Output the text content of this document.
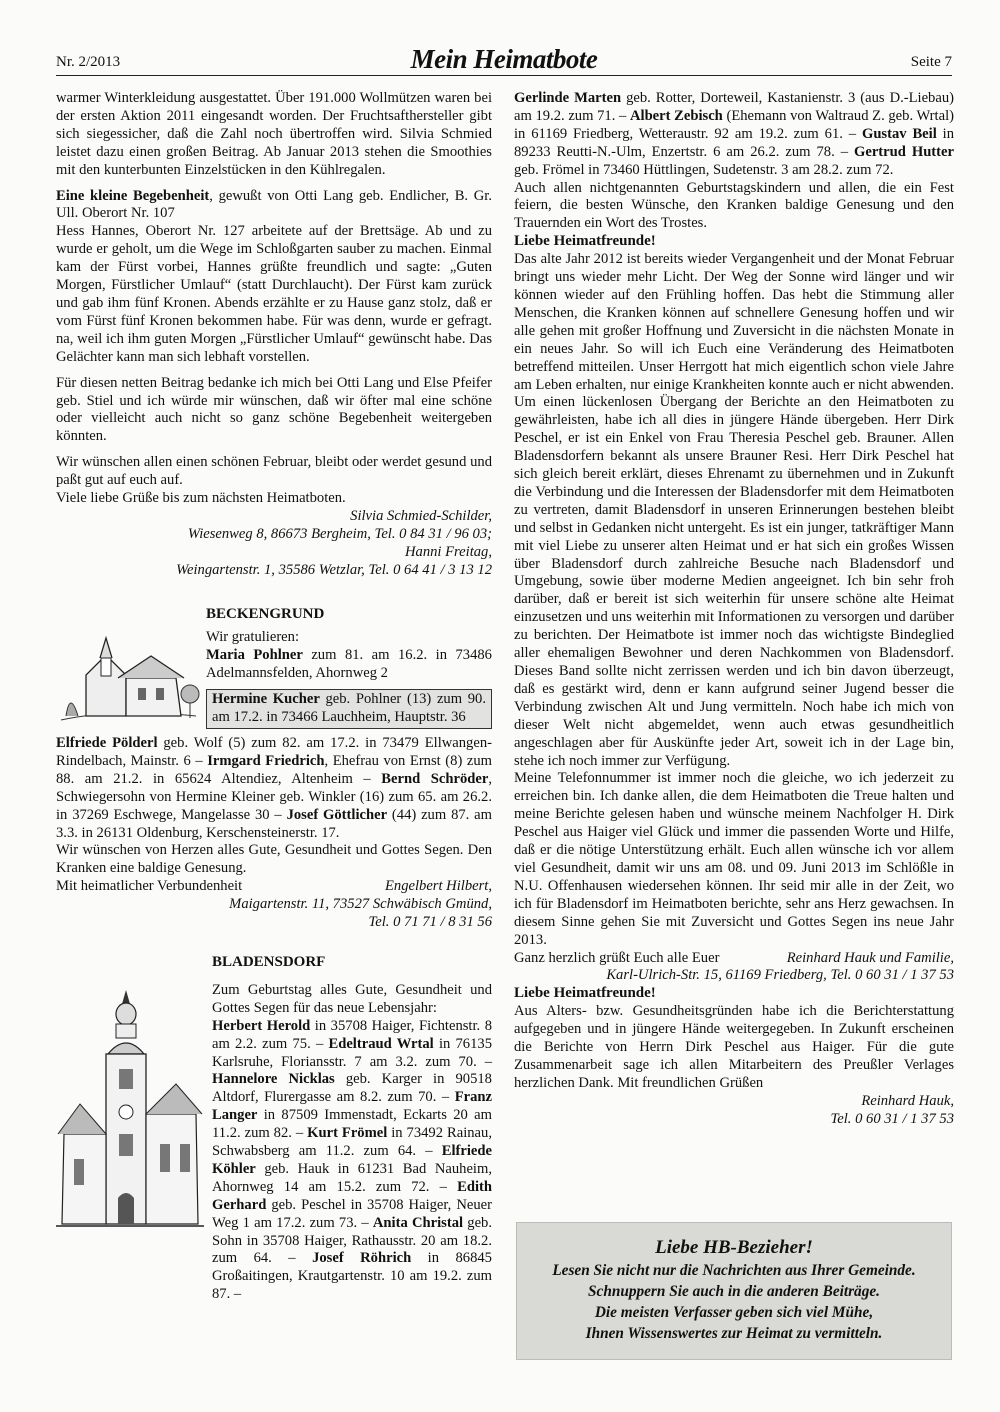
Nr. 2/2013	Mein Heimatbote	Seite 7

warmer Winterkleidung ausgestattet. Über 191.000 Wollmützen waren bei der ersten Aktion 2011 eingesandt worden. Der Fruchtsafthersteller gibt sich siegessicher, daß die Zahl noch übertroffen wird. Silvia Schmied leistet dazu einen großen Beitrag. Ab Januar 2013 stehen die Smoothies mit den kunterbunten Einzelstücken in den Kühlregalen.

Eine kleine Begebenheit, gewußt von Otti Lang geb. Endlicher, B. Gr. Ull. Oberort Nr. 107

Hess Hannes, Oberort Nr. 127 arbeitete auf der Brettsäge. Ab und zu wurde er geholt, um die Wege im Schloßgarten sauber zu machen. Einmal kam der Fürst vorbei, Hannes grüßte freundlich und sagte: „Guten Morgen, Fürstlicher Umlauf“ (statt Durchlaucht). Der Fürst kam zurück und gab ihm fünf Kronen. Abends erzählte er zu Hause ganz stolz, daß er vom Fürst fünf Kronen bekommen habe. Für was denn, wurde er gefragt. na, weil ich ihm guten Morgen „Fürstlicher Umlauf“ gewünscht habe. Das Gelächter kann man sich lebhaft vorstellen.

Für diesen netten Beitrag bedanke ich mich bei Otti Lang und Else Pfeifer geb. Stiel und ich würde mir wünschen, daß wir öfter mal eine schöne oder vielleicht auch nicht so ganz schöne Begebenheit weitergeben könnten.

Wir wünschen allen einen schönen Februar, bleibt oder werdet gesund und paßt gut auf euch auf.

Viele liebe Grüße bis zum nächsten Heimatboten.

Silvia Schmied-Schilder,

Wiesenweg 8, 86673 Bergheim, Tel. 0 84 31 / 96 03;

Hanni Freitag,

Weingartenstr. 1, 35586 Wetzlar, Tel. 0 64 41 / 3 13 12

BECKENGRUND

Wir gratulieren:

Maria Pohlner zum 81. am 16.2. in 73486 Adelmannsfelden, Ahornweg 2

Hermine Kucher geb. Pohlner (13) zum 90. am 17.2. in 73466 Lauchheim, Hauptstr. 36

Elfriede Pölderl geb. Wolf (5) zum 82. am 17.2. in 73479 Ellwangen-Rindelbach, Mainstr. 6 – Irmgard Friedrich, Ehefrau von Ernst (8) zum 88. am 21.2. in 65624 Altendiez, Altenheim – Bernd Schröder, Schwiegersohn von Hermine Kleiner geb. Winkler (16) zum 65. am 26.2. in 37269 Eschwege, Mangelasse 30 – Josef Göttlicher (44) zum 87. am 3.3. in 26131 Oldenburg, Kerschensteinerstr. 17.

Wir wünschen von Herzen alles Gute, Gesundheit und Gottes Segen. Den Kranken eine baldige Genesung.

Mit heimatlicher Verbundenheit	Engelbert Hilbert,

Maigartenstr. 11, 73527 Schwäbisch Gmünd,

Tel. 0 71 71 / 8 31 56

BLADENSDORF

Zum Geburtstag alles Gute, Gesundheit und Gottes Segen für das neue Lebensjahr:

Herbert Herold in 35708 Haiger, Fichtenstr. 8 am 2.2. zum 75. – Edeltraud Wrtal in 76135 Karlsruhe, Floriansstr. 7 am 3.2. zum 70. – Hannelore Nicklas geb. Karger in 90518 Altdorf, Flurergasse am 8.2. zum 70. – Franz Langer in 87509 Immenstadt, Eckarts 20 am 11.2. zum 82. – Kurt Frömel in 73492 Rainau, Schwabsberg am 11.2. zum 64. – Elfriede Köhler geb. Hauk in 61231 Bad Nauheim, Ahornweg 14 am 15.2. zum 72. – Edith Gerhard geb. Peschel in 35708 Haiger, Neuer Weg 1 am 17.2. zum 73. – Anita Christal geb. Sohn in 35708 Haiger, Rathausstr. 20 am 18.2. zum 64. – Josef Röhrich in 86845 Großaitingen, Krautgartenstr. 10 am 19.2. zum 87. –

Gerlinde Marten geb. Rotter, Dorteweil, Kastanienstr. 3 (aus D.-Liebau) am 19.2. zum 71. – Albert Zebisch (Ehemann von Waltraud Z. geb. Wrtal) in 61169 Friedberg, Wetteraustr. 92 am 19.2. zum 61. – Gustav Beil in 89233 Reutti-N.-Ulm, Enzertstr. 6 am 26.2. zum 78. – Gertrud Hutter geb. Frömel in 73460 Hüttlingen, Sudetenstr. 3 am 28.2. zum 72.

Auch allen nichtgenannten Geburtstagskindern und allen, die ein Fest feiern, die besten Wünsche, den Kranken baldige Genesung und den Trauernden ein Wort des Trostes.

Liebe Heimatfreunde!

Das alte Jahr 2012 ist bereits wieder Vergangenheit und der Monat Februar bringt uns wieder mehr Licht. Der Weg der Sonne wird länger und wir können wieder auf den Frühling hoffen. Das hebt die Stimmung aller Menschen, die Kranken können auf schnellere Genesung hoffen und wir alle gehen mit großer Hoffnung und Zuversicht in die nächsten Monate in ein neues Jahr. So will ich Euch eine Veränderung des Heimatboten betreffend mitteilen. Unser Herrgott hat mich eigentlich schon viele Jahre am Leben erhalten, nur einige Krankheiten konnte auch er nicht abwenden. Um einen lückenlosen Übergang der Berichte an den Heimatboten zu gewährleisten, habe ich all dies in jüngere Hände übergeben. Herr Dirk Peschel, er ist ein Enkel von Frau Theresia Peschel geb. Brauner. Allen Bladensdorfern bekannt als unsere Brauner Resi. Herr Dirk Peschel hat sich gleich bereit erklärt, dieses Ehrenamt zu übernehmen und in Zukunft die Verbindung und die Interessen der Bladensdorfer mit dem Heimatboten zu vertreten, damit Bladensdorf in unseren Erinnerungen bestehen bleibt und selbst in Gedanken nicht untergeht. Es ist ein junger, tatkräftiger Mann mit viel Liebe zu unserer alten Heimat und er hat sich ein großes Wissen über Bladensdorf durch zahlreiche Besuche nach Bladensdorf und Umgebung, sowie über moderne Medien angeeignet. Ich bin sehr froh darüber, daß er bereit ist sich weiterhin für unsere schöne alte Heimat einzusetzen und uns weiterhin mit Informationen zu versorgen und darüber zu berichten. Der Heimatbote ist immer noch das wichtigste Bindeglied aller ehemaligen Bewohner und deren Nachkommen von Bladensdorf. Dieses Band sollte nicht zerrissen werden und ich bin davon überzeugt, daß es gestärkt wird, denn er kann aufgrund seiner Jugend besser die Verbindung zwischen Alt und Jung vermitteln. Noch habe ich mich von dieser Welt nicht abgemeldet, wenn auch etwas gesundheitlich angeschlagen aber für Auskünfte jeder Art, soweit ich in der Lage bin, stehe ich noch immer zur Verfügung.

Meine Telefonnummer ist immer noch die gleiche, wo ich jederzeit zu erreichen bin. Ich danke allen, die dem Heimatboten die Treue halten und meine Berichte gelesen haben und wünsche meinem Nachfolger H. Dirk Peschel aus Haiger viel Glück und immer die passenden Worte und Hilfe, daß er die nötige Unterstützung erhält. Euch allen wünsche ich vor allem viel Gesundheit, damit wir uns am 08. und 09. Juni 2013 im Schlößle in N.U. Offenhausen wiedersehen können. Ihr seid mir alle in der Zeit, wo ich für Bladensdorf im Heimatboten berichte, sehr ans Herz gewachsen. In diesem Sinne gehen Sie mit Zuversicht und Gottes Segen ins neue Jahr 2013.

Ganz herzlich grüßt Euch alle Euer	Reinhard Hauk und Familie,

Karl-Ulrich-Str. 15, 61169 Friedberg, Tel. 0 60 31 / 1 37 53

Liebe Heimatfreunde!

Aus Alters- bzw. Gesundheitsgründen habe ich die Berichterstattung aufgegeben und in jüngere Hände weitergegeben. In Zukunft erscheinen die Berichte von Herrn Dirk Peschel aus Haiger. Für die gute Zusammenarbeit sage ich allen Mitarbeitern des Preußler Verlages herzlichen Dank. Mit freundlichen Grüßen

Reinhard Hauk,

Tel. 0 60 31 / 1 37 53

Liebe HB-Bezieher!
Lesen Sie nicht nur die Nachrichten aus Ihrer Gemeinde.
Schnuppern Sie auch in die anderen Beiträge.
Die meisten Verfasser geben sich viel Mühe,
Ihnen Wissenswertes zur Heimat zu vermitteln.
